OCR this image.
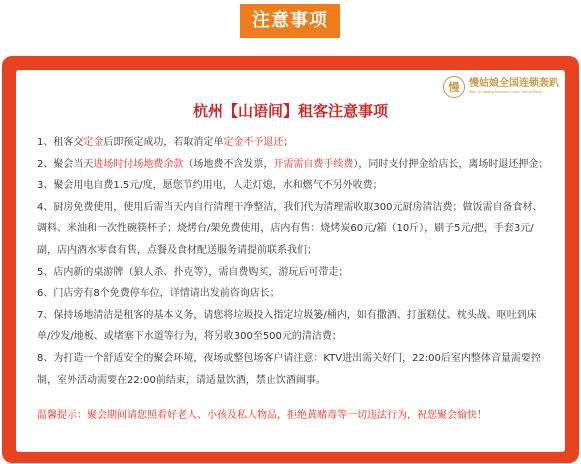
注意事项
慢 慢姑娘全国连锁轰趴
Man Gu Niang National Chain Home Party
杭州【山语间】租客注意事项

1、租客交定金后即预定成功，若取消定单定金不予退还；

2、聚会当天进场时付场地费余款（场地费不含发票，开需需自费手续费），同时支付押金给店长，离场时退还押金；

3、聚会用电自费1.5元/度，愿您节约用电，人走灯熄，水和燃气不另外收费；

4、厨房免费使用，使用后需当天内自行清理干净整洁，我们代为清理需收取300元厨房清洁费；做饭需自备食材、调料、米油和一次性碗筷杯子；烧烤台/架免费使用，店内有售：烧烤炭60元/箱（10斤），刷子5元/把，手套3元/副，店内酒水零食有售，点餐及食材配送服务请提前联系我们；

5、店内新的桌游牌（狼人杀、扑克等），需自费购买，游玩后可带走；

6、门店旁有8个免费停车位，详情请出发前咨询店长；

7、保持场地清洁是租客的基本义务，请您将垃圾投入指定垃圾篓/桶内，如有撒酒、打蛋糕仗、枕头战、呕吐到床单/沙发/地板、或堵塞下水道等行为，将另收300至500元的清洁费；

8、为打造一个舒适安全的聚会环境，夜场或整包场客户请注意：KTV进出需关好门，22:00后室内整体音量需要控制，室外活动需要在22:00前结束，请适量饮酒，禁止饮酒闹事。

温馨提示：聚会期间请您照看好老人、小孩及私人物品，拒绝黄赌毒等一切违法行为，祝您聚会愉快！
